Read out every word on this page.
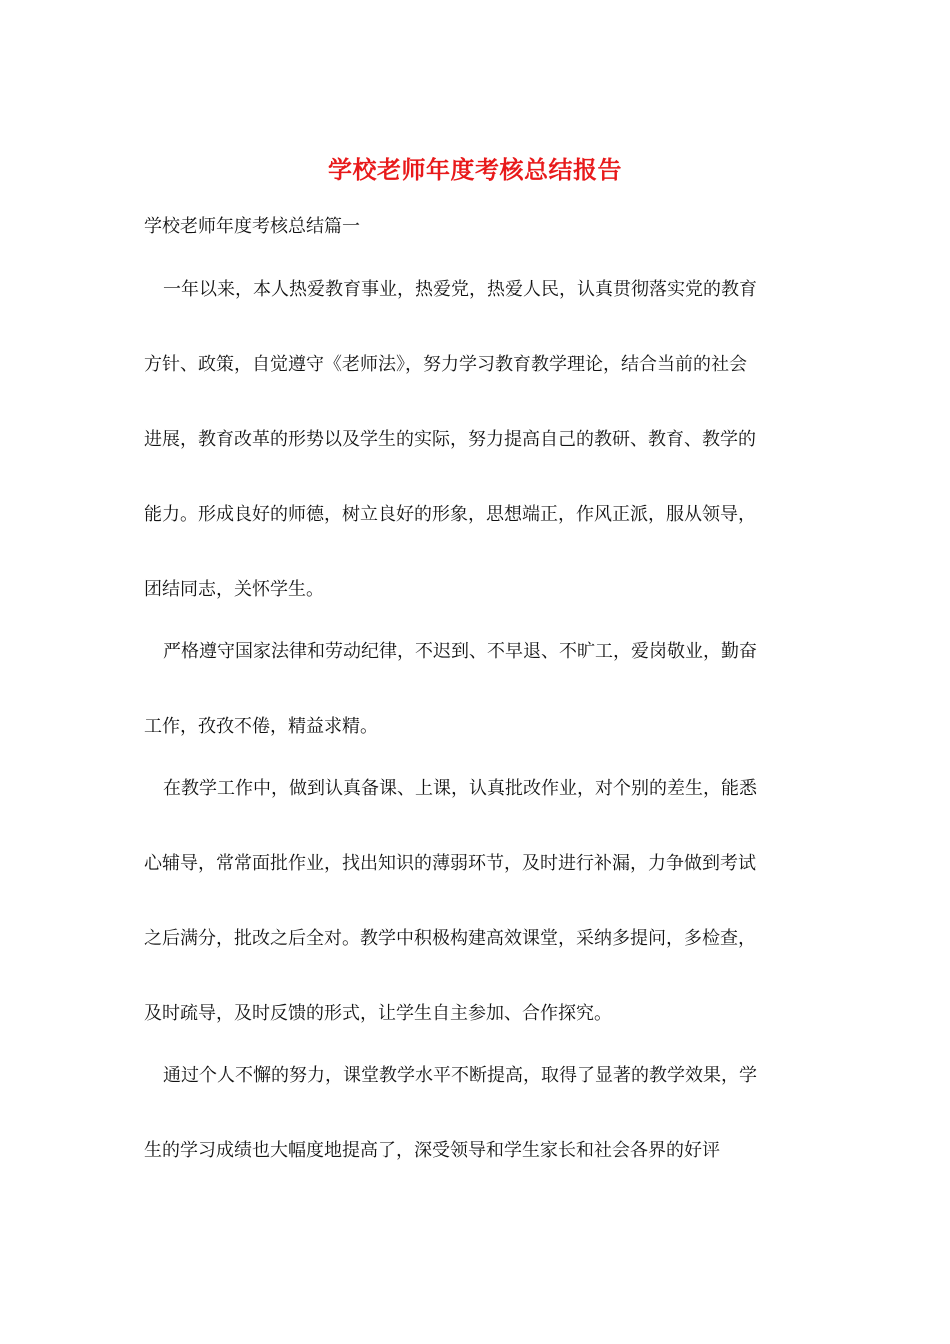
学校老师年度考核总结报告

学校老师年度考核总结篇一

一年以来，本人热爱教育事业，热爱党，热爱人民，认真贯彻落实党的教育

方针、政策，自觉遵守《老师法》，努力学习教育教学理论，结合当前的社会

进展，教育改革的形势以及学生的实际，努力提高自己的教研、教育、教学的

能力。形成良好的师德，树立良好的形象，思想端正，作风正派，服从领导，

团结同志，关怀学生。

严格遵守国家法律和劳动纪律，不迟到、不早退、不旷工，爱岗敬业，勤奋

工作，孜孜不倦，精益求精。

在教学工作中，做到认真备课、上课，认真批改作业，对个别的差生，能悉

心辅导，常常面批作业，找出知识的薄弱环节，及时进行补漏，力争做到考试

之后满分，批改之后全对。教学中积极构建高效课堂，采纳多提问，多检查，

及时疏导，及时反馈的形式，让学生自主参加、合作探究。

通过个人不懈的努力，课堂教学水平不断提高，取得了显著的教学效果，学

生的学习成绩也大幅度地提高了，深受领导和学生家长和社会各界的好评
